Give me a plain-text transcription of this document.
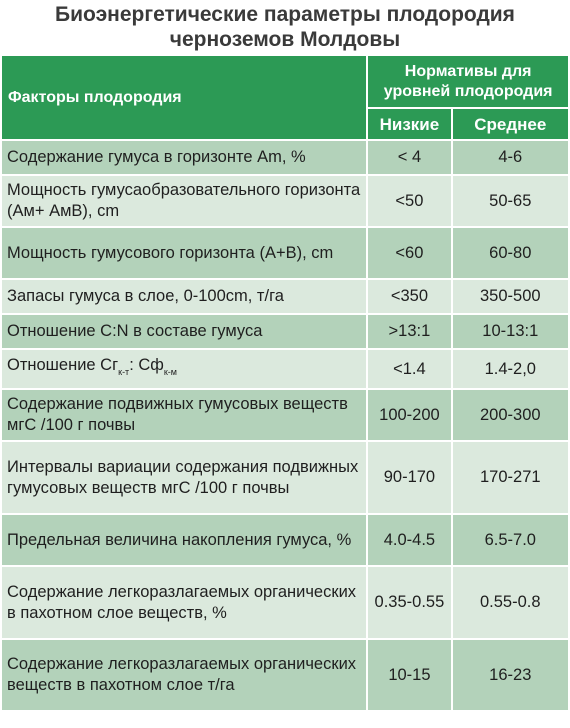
Биоэнергетические параметры плодородия
черноземов Молдовы
Факторы плодородия	Нормативы для уровней плодородия	
	Низкие	Среднее
Содержание гумуса в горизонте Am, %	< 4	4-6
Мощность гумусаобразовательного горизонта (Ам+ АмВ), cm	<50	50-65
Мощность гумусового горизонта (А+В), cm	<60	60-80
Запасы гумуса в слое, 0-100cm, т/га	<350	350-500
Отношение С:N в составе гумуса	>13:1	10-13:1
Отношение $Сг_{к-т}$: $Сф_{к-м}$	<1.4	1.4-2,0
Содержание подвижных гумусовых веществ мгС /100 г почвы	100-200	200-300
Интервалы вариации содержания подвижных гумусовых веществ мгС /100 г почвы	90-170	170-271
Предельная величина накопления гумуса, %	4.0-4.5	6.5-7.0
Содержание легкоразлагаемых органических в пахотном слое веществ, %	0.35-0.55	0.55-0.8
Содержание легкоразлагаемых органических веществ в пахотном слое т/га	10-15	16-23
